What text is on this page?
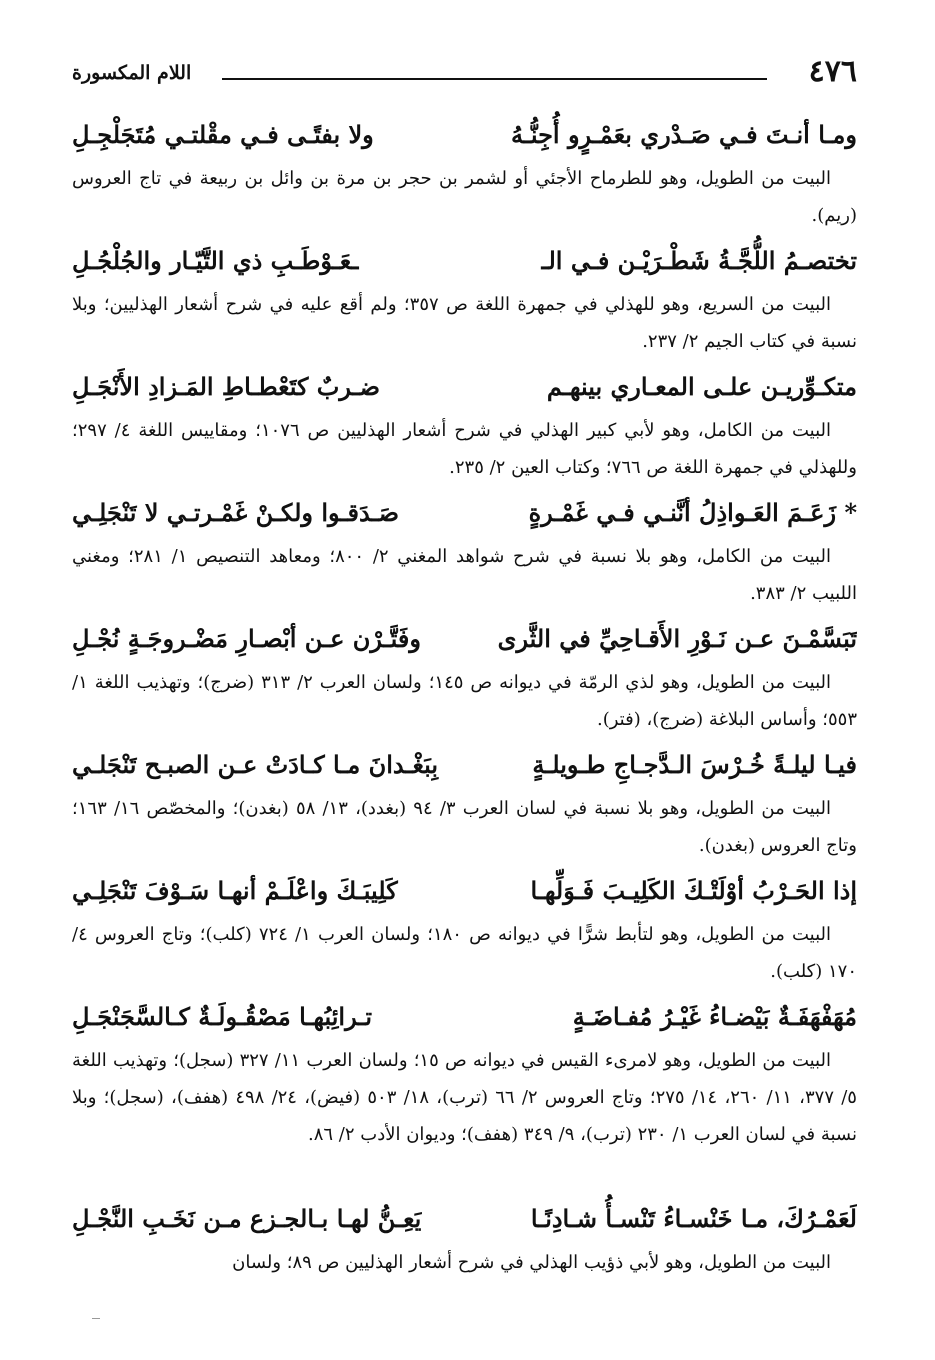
٤٧٦
اللام المكسورة
ومـا أنـتَ فـي صَـدْري بعَمْـرٍو أُجِنُّـهُ
ولا بفتًـى فـي مقْلتـي مُتَجَلْجِـلِ
البيت من الطويل، وهو للطرماح الأجئي أو لشمر بن حجر بن مرة بن وائل بن ربيعة في تاج العروس (ريم).
تختصـمُ اللُّجَّـةُ شَطْـرَيْـن فـي الـ
ـعَـوْطَـبِ ذي التَّيّـار والجُلْجُـلِ
البيت من السريع، وهو للهذلي في جمهرة اللغة ص ٣٥٧؛ ولم أقع عليه في شرح أشعار الهذليين؛ وبلا نسبة في كتاب الجيم ٢/ ٢٣٧.
متكـوِّريـن علـى المعـاري بينهـم
ضـربٌ كتَعْطـاطِ المَـزادِ الأَنْجَـلِ
البيت من الكامل، وهو لأبي كبير الهذلي في شرح أشعار الهذليين ص ١٠٧٦؛ ومقاييس اللغة ٤/ ٢٩٧؛ وللهذلي في جمهرة اللغة ص ٧٦٦؛ وكتاب العين ٢/ ٢٣٥.
* زَعَـمَ العَـواذِلُ أنَّنـي فـي غَمْـرةٍ
صَـدَقـوا ولكـنْ غَمْـرتـي لا تَنْجَلِـي
البيت من الكامل، وهو بلا نسبة في شرح شواهد المغني ٢/ ٨٠٠؛ ومعاهد التنصيص ١/ ٢٨١؛ ومغني اللبيب ٢/ ٣٨٣.
تَبَسَّمْـنَ عـن نَـوْرِ الأَقـاحِيِّ في الثَّرى
وفَتَّـرْن عـن أبْصـارِ مَضْـروجَـةٍ نُجْـلِ
البيت من الطويل، وهو لذي الرمّة في ديوانه ص ١٤٥؛ ولسان العرب ٢/ ٣١٣ (ضرج)؛ وتهذيب اللغة ١/ ٥٥٣؛ وأساس البلاغة (ضرج)، (فتر).
فيـا ليلـةً خُـرْسَ الـدَّجـاجِ طـويلـةٍ
بِبَغْـدانَ مـا كـادَتْ عـن الصبـح تَنْجَلـي
البيت من الطويل، وهو بلا نسبة في لسان العرب ٣/ ٩٤ (بغدد)، ١٣/ ٥٨ (بغدن)؛ والمخصّص ١٦/ ١٦٣؛ وتاج العروس (بغدن).
إذا الحَـرْبُ أوْلَتْـكَ الكَلِيـبَ فَـوَلِّهـا
كَلِيبَـكَ واعْلَـمْ أنهـا سَـوْفَ تَنْجَلِـي
البيت من الطويل، وهو لتأبط شرًّا في ديوانه ص ١٨٠؛ ولسان العرب ١/ ٧٢٤ (كلب)؛ وتاج العروس ٤/ ١٧٠ (كلب).
مُهَفْهَفَـةٌ بَيْضـاءُ غَيْـرُ مُفـاضَـةٍ
تـرائِبُهـا مَصْقُـولَـةٌ كـالسَّجَنْجَـلِ
البيت من الطويل، وهو لامرىء القيس في ديوانه ص ١٥؛ ولسان العرب ١١/ ٣٢٧ (سجل)؛ وتهذيب اللغة ٥/ ٣٧٧، ١١/ ٢٦٠، ١٤/ ٢٧٥؛ وتاج العروس ٢/ ٦٦ (ترب)، ١٨/ ٥٠٣ (فيض)، ٢٤/ ٤٩٨ (هفف)، (سجل)؛ وبلا نسبة في لسان العرب ١/ ٢٣٠ (ترب)، ٩/ ٣٤٩ (هفف)؛ وديوان الأدب ٢/ ٨٦.
لَعَمْـرُكَ، مـا خَنْسـاءُ تَنْسـأُ شـادِنًـا
يَعِـنُّ لهـا بـالجـزع مـن نَخَـبِ النَّجْـلِ
البيت من الطويل، وهو لأبي ذؤيب الهذلي في شرح أشعار الهذليين ص ٨٩؛ ولسان
